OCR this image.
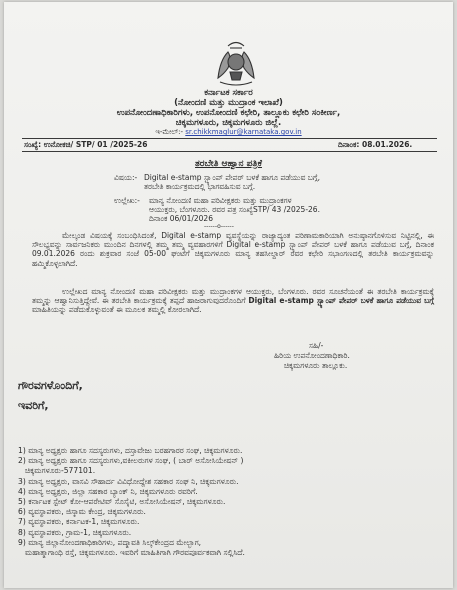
ಕರ್ನಾಟಕ ಸರ್ಕಾರ
(ನೋಂದಣಿ ಮತ್ತು ಮುದ್ರಾಂಕ ಇಲಾಖೆ)
ಉಪನೋಂದಣಾಧಿಕಾರಿಗಳು, ಉಪನೋಂದಣಿ ಕಛೇರಿ, ತಾಲ್ಲೂಕು ಕಛೇರಿ ಸಂಕೀರ್ಣ,
ಚಿಕ್ಕಮಗಳೂರು, ಚಿಕ್ಕಮಗಳೂರು ಜಿಲ್ಲೆ.
ಇ-ಮೇಲ್:- sr.chikkmaglur@karnataka.gov.in
ಸಂಖ್ಯೆ: ಉನೋಕಚಿ/ STP/ 01 /2025-26	ದಿನಾಂಕ: 08.01.2026.
ತರಬೇತಿ ಆಹ್ವಾನ ಪತ್ರಿಕೆ
ವಿಷಯ:- Digital e-stamp ಸ್ಟ್ಯಾಂಪ್ ಪೇಪರ್ ಬಳಕೆ ಹಾಗೂ ಪಡೆಯುವ ಬಗ್ಗೆ,
ತರಬೇತಿ ಕಾರ್ಯಕ್ರಮದಲ್ಲಿ ಭಾಗವಹಿಸುವ ಬಗ್ಗೆ.
ಉಲ್ಲೇಖ:- ಮಾನ್ಯ ನೋಂದಣಿ ಮಹಾ ಪರಿವೀಕ್ಷಕರು ಮತ್ತು ಮುದ್ರಾಂಕಗಳ
ಆಯುಕ್ತರು, ಬೆಂಗಳೂರು. ರವರ ಪತ್ರ ಸಂಖ್ಯೆSTP/ 43 /2025-26.
ದಿನಾಂಕ 06/01/2026
------o------
ಮೇಲ್ಕಂಡ ವಿಷಯಕ್ಕೆ ಸಂಬಂಧಿಸಿದಂತೆ, Digital e-stamp ವ್ಯವಸ್ಥೆಯನ್ನು ರಾಜ್ಯಾದ್ಯಂತ ಪರಿಣಾಮಕಾರಿಯಾಗಿ ಅನುಷ್ಠಾನಗೊಳಿಸುವ ನಿಟ್ಟಿನಲ್ಲಿ, ಈ ಸೌಲಭ್ಯವನ್ನು ಸಾರ್ವಜನಿಕರು ಮುಂದಿನ ದಿನಗಳಲ್ಲಿ ತಮ್ಮ ತಮ್ಮ ವ್ಯವಹಾರಗಳಿಗೆ Digital e-stamp ಸ್ಟ್ಯಾಂಪ್ ಪೇಪರ್ ಬಳಕೆ ಹಾಗೂ ಪಡೆಯುವ ಬಗ್ಗೆ, ದಿನಾಂಕ 09.01.2026 ರಂದು ಶುಕ್ರವಾರ ಸಂಜೆ 05-00 ಘಂಟೆಗೆ ಚಿಕ್ಕಮಗಳೂರು ಮಾನ್ಯ ತಹಸೀಲ್ದಾರ್ ರವರ ಕಛೇರಿ ಸಭಾಂಗಣದಲ್ಲಿ ತರಬೇತಿ ಕಾರ್ಯಕ್ರಮವನ್ನು ಹಮ್ಮಿಕೊಳ್ಳಲಾಗಿದೆ.
ಉಲ್ಲೇಖದ ಮಾನ್ಯ ನೋಂದಣಿ ಮಹಾ ಪರಿವೀಕ್ಷಕರು ಮತ್ತು ಮುದ್ರಾಂಕಗಳ ಆಯುಕ್ತರು, ಬೆಂಗಳೂರು. ರವರ ಸೂಚನೆಯಂತೆ ಈ ತರಬೇತಿ ಕಾರ್ಯಕ್ರಮಕ್ಕೆ ತಮ್ಮನ್ನು ಆಹ್ವಾನಿಸುತ್ತಿದ್ದೇವೆ. ಈ ತರಬೇತಿ ಕಾರ್ಯಕ್ರಮಕ್ಕೆ ತಪ್ಪದೆ ಹಾಜರಾಗುವುದರೊಂದಿಗೆ Digital e-stamp ಸ್ಟ್ಯಾಂಪ್ ಪೇಪರ್ ಬಳಕೆ ಹಾಗೂ ಪಡೆಯುವ ಬಗ್ಗೆ ಮಾಹಿತಿಯನ್ನು ಪಡೆದುಕೊಳ್ಳುವಂತೆ ಈ ಮೂಲಕ ತಮ್ಮಲ್ಲಿ ಕೋರಲಾಗಿದೆ.
ಸಹಿ/-
ಹಿರಿಯ ಉಪನೋಂದಣಾಧಿಕಾರಿ.
ಚಿಕ್ಕಮಗಳೂರು ತಾಲ್ಲೂಕು.
ಗೌರವಗಳೊಂದಿಗೆ,
ಇವರಿಗೆ,
1) ಮಾನ್ಯ ಅಧ್ಯಕ್ಷರು ಹಾಗೂ ಸದಸ್ಯರುಗಳು, ದಸ್ತಾವೇಜು ಬರಹಗಾರರ ಸಂಘ, ಚಿಕ್ಕಮಗಳೂರು.
2) ಮಾನ್ಯ ಅಧ್ಯಕ್ಷರು ಹಾಗೂ ಸದಸ್ಯರುಗಳು,ವಕೀಲರುಗಳ ಸಂಘ, ( ಬಾರ್ ಅಸೋಸಿಯೇಷನ್ )
ಚಿಕ್ಕಮಗಳೂರು-577101.
3) ಮಾನ್ಯ ಅಧ್ಯಕ್ಷರು, ವಾಸವಿ ಸೌಹಾರ್ದ ವಿವಿಧೋದ್ದೇಶ ಸಹಕಾರ ಸಂಘ ನಿ, ಚಿಕ್ಕಮಗಳೂರು.
4) ಮಾನ್ಯ ಅಧ್ಯಕ್ಷರು, ಜಿಲ್ಲಾ ಸಹಕಾರ ಬ್ಯಾಂಕ್ ನಿ, ಚಿಕ್ಕಮಗಳೂರು ರವರಿಗೆ.
5) ಕರ್ನಾಟಕ ಸ್ಟೇಟ್ ಕೋ-ಆಪರೇಟಿವ್ ಸೊಸೈಟಿ, ಅಸೋಸಿಯೇಷನ್, ಚಿಕ್ಕಮಗಳೂರು.
6) ವ್ಯವಸ್ಥಾಪಕರು, ಜಿಸ್ಕಾಮ ಕೇಂದ್ರ, ಚಿಕ್ಕಮಗಳೂರು.
7) ವ್ಯವಸ್ಥಾಪಕರು, ಕರ್ನಾಟಕ-1, ಚಿಕ್ಕಮಗಳೂರು.
8) ವ್ಯವಸ್ಥಾಪಕರು, ಗ್ರಾಮ-1, ಚಿಕ್ಕಮಗಳೂರು.
9) ಮಾನ್ಯ ಜಿಲ್ಲಾನೋಂದಣಾಧಿಕಾರಿಗಳು, ಪದ್ಮಾವತಿ ಸಿಲ್ಕ್‌ಕೇಂದ್ರದ ಮೇಲ್ಭಾಗ,
ಮಹಾತ್ಮಾಗಾಂಧಿ ರಸ್ತೆ, ಚಿಕ್ಕಮಗಳೂರು. ಇವರಿಗೆ ಮಾಹಿತಿಗಾಗಿ ಗೌರವಪೂರ್ವಕವಾಗಿ ಸಲ್ಲಿಸಿದೆ.
